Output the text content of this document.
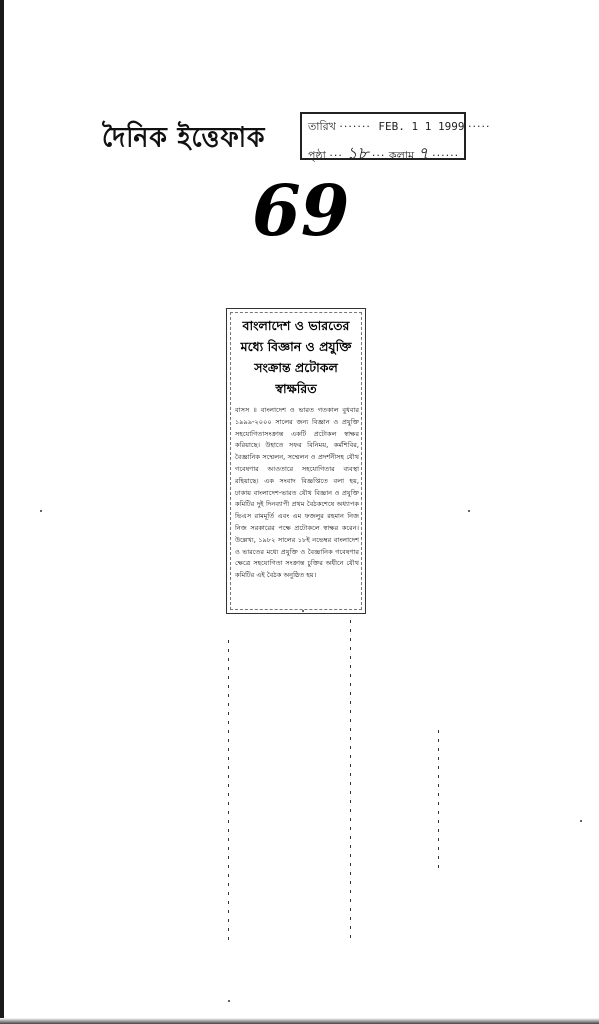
দৈনিক ইত্তেফাক	তারিখ ······· FEB. 1 1 1999 ·····
পৃষ্ঠা ··· ১৮ ··· কলাম ৭ ······
69
বাংলাদেশ ও ভারতের
মধ্যে বিজ্ঞান ও প্রযুক্তি
সংক্রান্ত প্রটোকল
স্বাক্ষরিত
বাসস ॥ বাংলাদেশ ও ভারত গতকাল বুধবার ১৯৯৯-২০০০ সালের জন্য বিজ্ঞান ও প্রযুক্তি সহযোগিতাসংক্রান্ত একটি প্রটোকল স্বাক্ষর করিয়াছে। উহাতে সফর বিনিময়, কর্মশিবির, বৈজ্ঞানিক সম্মেলন, সম্মেলন ও প্রদর্শনীসহ যৌথ গবেষণার আওতারে সহযোগিতার ব্যবস্থা রহিয়াছে। এক সংবাদ বিজ্ঞপ্তিতে বলা হয়, ঢাকায় বাংলাদেশ-ভারত যৌথ বিজ্ঞান ও প্রযুক্তি কমিটির দুই দিনব্যাপী প্রথম বৈঠকশেষে অধ্যাপক ভিএস রামমূর্তি এবং এম ফজলুর রহমান নিজ নিজ সরকারের পক্ষে প্রটোকলে স্বাক্ষর করেন। উল্লেখ্য, ১৯৮২ সালের ১৮ই নভেম্বর বাংলাদেশ ও ভারতের মধ্যে প্রযুক্তি ও বৈজ্ঞানিক গবেষণার ক্ষেত্রে সহযোগিতা সংক্রান্ত চুক্তির অধীনে যৌথ কমিটির এই বৈঠক অনুষ্ঠিত হয়।
